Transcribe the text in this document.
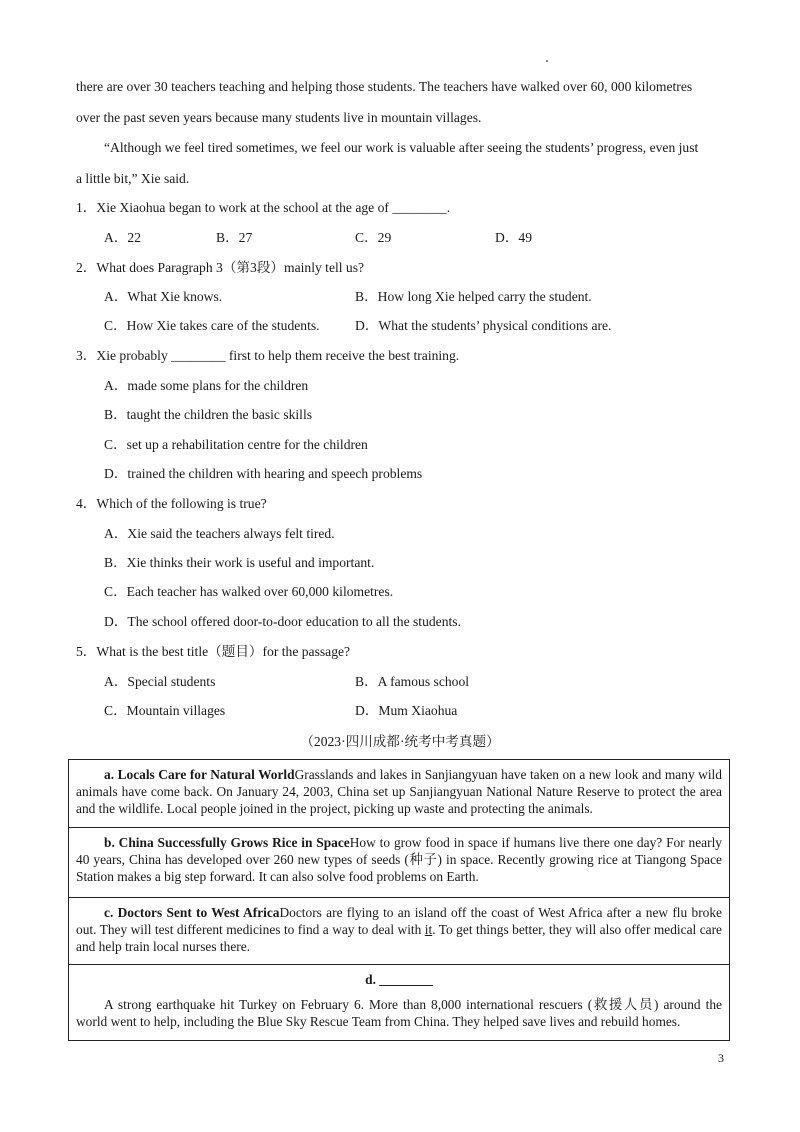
there are over 30 teachers teaching and helping those students. The teachers have walked over 60, 000 kilometres

over the past seven years because many students live in mountain villages.

“Although we feel tired sometimes, we feel our work is valuable after seeing the students’ progress, even just

a little bit,” Xie said.

1．Xie Xiaohua began to work at the school at the age of ________.

A．22	B．27	C．29	D．49

2．What does Paragraph 3（第3段）mainly tell us?

A．What Xie knows.	B．How long Xie helped carry the student.

C．How Xie takes care of the students.	D．What the students’ physical conditions are.

3．Xie probably ________ first to help them receive the best training.

A．made some plans for the children

B．taught the children the basic skills

C．set up a rehabilitation centre for the children

D．trained the children with hearing and speech problems

4．Which of the following is true?

A．Xie said the teachers always felt tired.

B．Xie thinks their work is useful and important.

C．Each teacher has walked over 60,000 kilometres.

D．The school offered door-to-door education to all the students.

5．What is the best title（题目）for the passage?

A．Special students	B．A famous school

C．Mountain villages	D．Mum Xiaohua

（2023·四川成都·统考中考真题）
a. Locals Care for Natural WorldGrasslands and lakes in Sanjiangyuan have taken on a new look and many wild animals have come back. On January 24, 2003, China set up Sanjiangyuan National Nature Reserve to protect the area and the wildlife. Local people joined in the project, picking up waste and protecting the animals.
b. China Successfully Grows Rice in SpaceHow to grow food in space if humans live there one day? For nearly 40 years, China has developed over 260 new types of seeds (种子) in space. Recently growing rice at Tiangong Space Station makes a big step forward. It can also solve food problems on Earth.
c. Doctors Sent to West AfricaDoctors are flying to an island off the coast of West Africa after a new flu broke out. They will test different medicines to find a way to deal with it. To get things better, they will also offer medical care and help train local nurses there.
d. ________
A strong earthquake hit Turkey on February 6. More than 8,000 international rescuers (救援人员) around the world went to help, including the Blue Sky Rescue Team from China. They helped save lives and rebuild homes.
3
